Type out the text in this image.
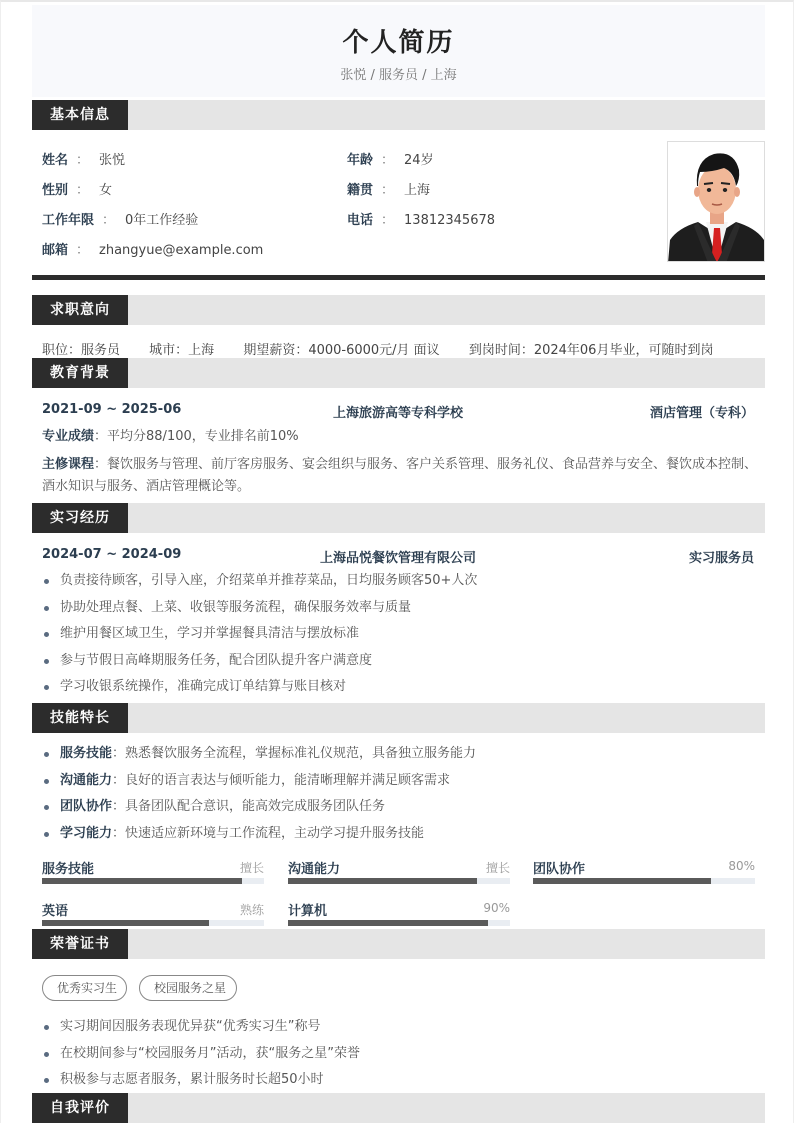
个人简历
张悦 / 服务员 / 上海
基本信息
姓名 ： 张悦
性别 ： 女
工作年限 ： 0年工作经验
邮箱 ： zhangyue@example.com
年龄 ： 24岁
籍贯 ： 上海
电话 ： 13812345678
求职意向
职位：服务员 城市：上海 期望薪资：4000-6000元/月 面议 到岗时间：2024年06月毕业，可随时到岗
教育背景
2021-09 ~ 2025-06	上海旅游高等专科学校	酒店管理（专科）
专业成绩：平均分88/100，专业排名前10%
主修课程：餐饮服务与管理、前厅客房服务、宴会组织与服务、客户关系管理、服务礼仪、食品营养与安全、餐饮成本控制、酒水知识与服务、酒店管理概论等。
实习经历
2024-07 ~ 2024-09	上海品悦餐饮管理有限公司	实习服务员
负责接待顾客，引导入座，介绍菜单并推荐菜品，日均服务顾客50+人次
协助处理点餐、上菜、收银等服务流程，确保服务效率与质量
维护用餐区域卫生，学习并掌握餐具清洁与摆放标准
参与节假日高峰期服务任务，配合团队提升客户满意度
学习收银系统操作，准确完成订单结算与账目核对
技能特长
服务技能：熟悉餐饮服务全流程，掌握标准礼仪规范，具备独立服务能力
沟通能力：良好的语言表达与倾听能力，能清晰理解并满足顾客需求
团队协作：具备团队配合意识，能高效完成服务团队任务
学习能力：快速适应新环境与工作流程，主动学习提升服务技能
服务技能	擅长 沟通能力	擅长 团队协作	80%
英语	熟练 计算机	90%
荣誉证书
优秀实习生	校园服务之星
实习期间因服务表现优异获“优秀实习生”称号
在校期间参与“校园服务月”活动，获“服务之星”荣誉
积极参与志愿者服务，累计服务时长超50小时
自我评价
